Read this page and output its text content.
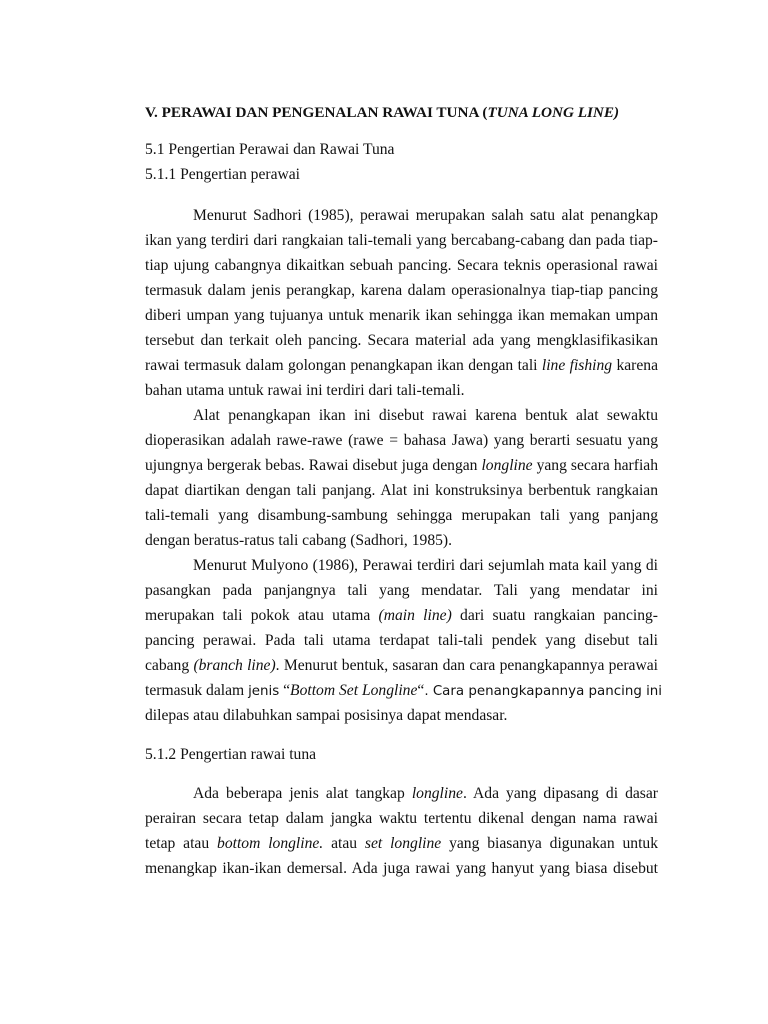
V. PERAWAI DAN PENGENALAN RAWAI TUNA (TUNA LONG LINE)
5.1 Pengertian Perawai dan Rawai Tuna
5.1.1 Pengertian perawai
Menurut Sadhori (1985), perawai merupakan salah satu alat penangkap
ikan yang terdiri dari rangkaian tali-temali yang bercabang-cabang dan pada tiap-
tiap ujung cabangnya dikaitkan sebuah pancing. Secara teknis operasional rawai
termasuk dalam jenis perangkap, karena dalam operasionalnya tiap-tiap pancing
diberi umpan yang tujuanya untuk menarik ikan sehingga ikan memakan umpan
tersebut dan terkait oleh pancing. Secara material ada yang mengklasifikasikan
rawai termasuk dalam golongan penangkapan ikan dengan tali line fishing karena
bahan utama untuk rawai ini terdiri dari tali-temali.
Alat penangkapan ikan ini disebut rawai karena bentuk alat sewaktu
dioperasikan adalah rawe-rawe (rawe = bahasa Jawa) yang berarti sesuatu yang
ujungnya bergerak bebas. Rawai disebut juga dengan longline yang secara harfiah
dapat diartikan dengan tali panjang. Alat ini konstruksinya berbentuk rangkaian
tali-temali yang disambung-sambung sehingga merupakan tali yang panjang
dengan beratus-ratus tali cabang (Sadhori, 1985).
Menurut Mulyono (1986), Perawai terdiri dari sejumlah mata kail yang di
pasangkan pada panjangnya tali yang mendatar. Tali yang mendatar ini
merupakan tali pokok atau utama (main line) dari suatu rangkaian pancing-
pancing perawai. Pada tali utama terdapat tali-tali pendek yang disebut tali
cabang (branch line). Menurut bentuk, sasaran dan cara penangkapannya perawai
termasuk dalam jenis “Bottom Set Longline“. Cara penangkapannya pancing ini
dilepas atau dilabuhkan sampai posisinya dapat mendasar.
5.1.2 Pengertian rawai tuna
Ada beberapa jenis alat tangkap longline. Ada yang dipasang di dasar
perairan secara tetap dalam jangka waktu tertentu dikenal dengan nama rawai
tetap atau bottom longline. atau set longline yang biasanya digunakan untuk
menangkap ikan-ikan demersal. Ada juga rawai yang hanyut yang biasa disebut
